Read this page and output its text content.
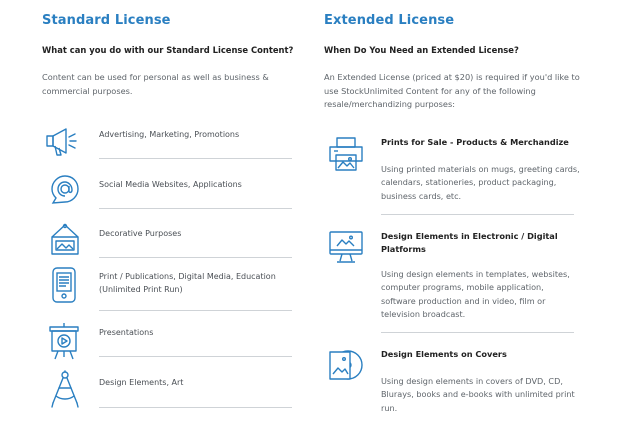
Standard License
What can you do with our Standard License Content?
Content can be used for personal as well as business & commercial purposes.
Advertising, Marketing, Promotions
Social Media Websites, Applications
Decorative Purposes
Print / Publications, Digital Media, Education (Unlimited Print Run)
Presentations
Design Elements, Art
Extended License
When Do You Need an Extended License?
An Extended License (priced at $20) is required if you'd like to use StockUnlimited Content for any of the following resale/merchandizing purposes:
Prints for Sale - Products & Merchandize
Using printed materials on mugs, greeting cards, calendars, stationeries, product packaging, business cards, etc.
Design Elements in Electronic / Digital Platforms
Using design elements in templates, websites, computer programs, mobile application, software production and in video, film or television broadcast.
Design Elements on Covers
Using design elements in covers of DVD, CD, Blurays, books and e-books with unlimited print run.
